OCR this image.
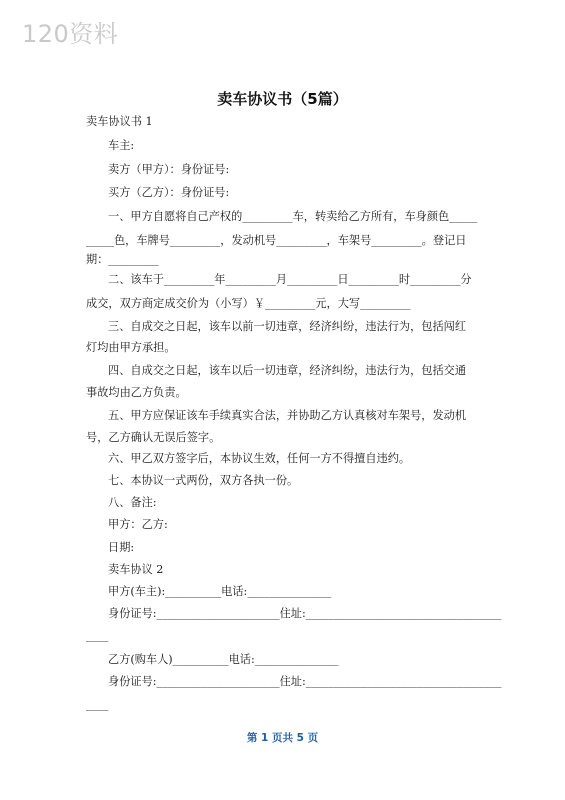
120资料
卖车协议书（5篇）
卖车协议书 1
车主:
卖方（甲方）：身份证号:
买方（乙方）：身份证号:
一、甲方自愿将自己产权的_________车，转卖给乙方所有，车身颜色_____
_____色，车牌号_________，发动机号_________，车架号_________。登记日
期：_________
二、该车于_________年_________月_________日_________时_________分
成交，双方商定成交价为（小写）￥_________元，大写_________
三、自成交之日起，该车以前一切违章，经济纠纷，违法行为，包括闯红
灯均由甲方承担。
四、自成交之日起，该车以后一切违章，经济纠纷，违法行为，包括交通
事故均由乙方负责。
五、甲方应保证该车手续真实合法，并协助乙方认真核对车架号，发动机
号，乙方确认无误后签字。
六、甲乙双方签字后，本协议生效，任何一方不得擅自违约。
七、本协议一式两份，双方各执一份。
八、备注:
甲方：乙方:
日期:
卖车协议 2
甲方(车主):__________电话:_______________
身份证号:______________________住址:___________________________________
____
乙方(购车人)__________电话:_______________
身份证号:______________________住址:___________________________________
____
第 1 页共 5 页
